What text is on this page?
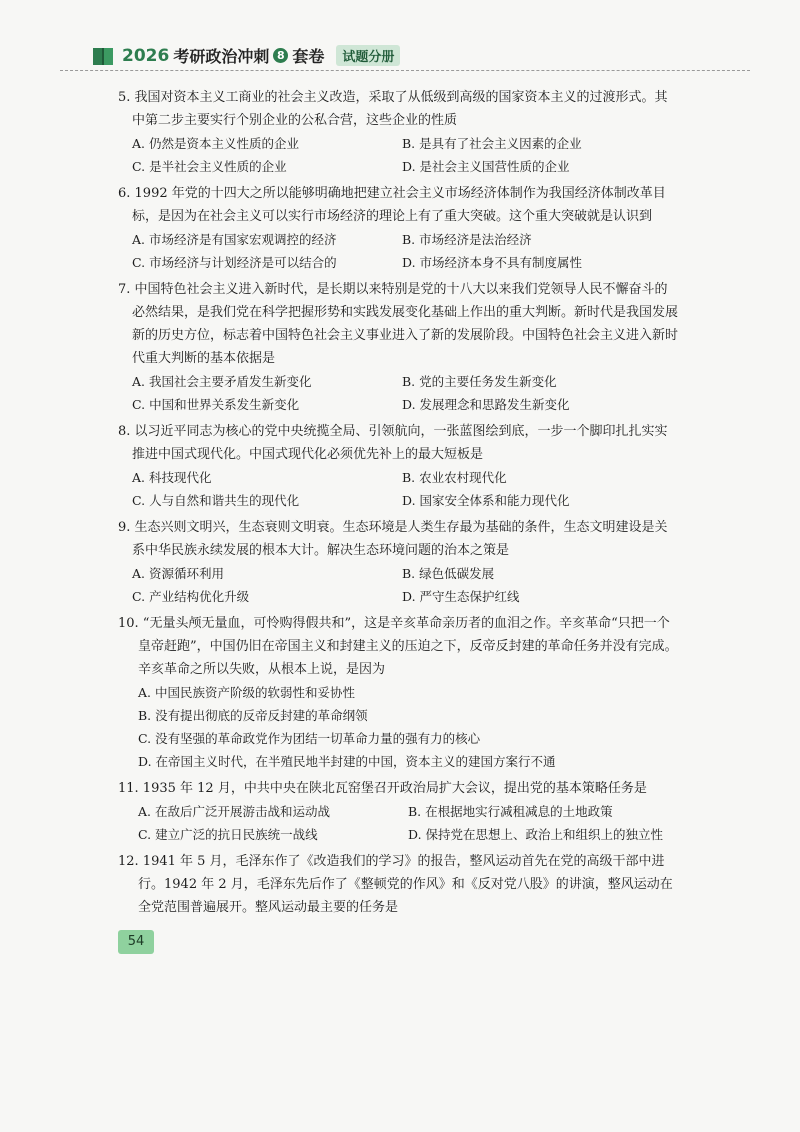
2026 考研政治冲刺 8 套卷	试题分册

5. 我国对资本主义工商业的社会主义改造，采取了从低级到高级的国家资本主义的过渡形式。其中第二步主要实行个别企业的公私合营，这些企业的性质

A. 仍然是资本主义性质的企业	B. 是具有了社会主义因素的企业
C. 是半社会主义性质的企业	D. 是社会主义国营性质的企业

6. 1992 年党的十四大之所以能够明确地把建立社会主义市场经济体制作为我国经济体制改革目标，是因为在社会主义可以实行市场经济的理论上有了重大突破。这个重大突破就是认识到

A. 市场经济是有国家宏观调控的经济	B. 市场经济是法治经济
C. 市场经济与计划经济是可以结合的	D. 市场经济本身不具有制度属性

7. 中国特色社会主义进入新时代，是长期以来特别是党的十八大以来我们党领导人民不懈奋斗的必然结果，是我们党在科学把握形势和实践发展变化基础上作出的重大判断。新时代是我国发展新的历史方位，标志着中国特色社会主义事业进入了新的发展阶段。中国特色社会主义进入新时代重大判断的基本依据是

A. 我国社会主要矛盾发生新变化	B. 党的主要任务发生新变化
C. 中国和世界关系发生新变化	D. 发展理念和思路发生新变化

8. 以习近平同志为核心的党中央统揽全局、引领航向，一张蓝图绘到底，一步一个脚印扎扎实实推进中国式现代化。中国式现代化必须优先补上的最大短板是

A. 科技现代化	B. 农业农村现代化
C. 人与自然和谐共生的现代化	D. 国家安全体系和能力现代化

9. 生态兴则文明兴，生态衰则文明衰。生态环境是人类生存最为基础的条件，生态文明建设是关系中华民族永续发展的根本大计。解决生态环境问题的治本之策是

A. 资源循环利用	B. 绿色低碳发展
C. 产业结构优化升级	D. 严守生态保护红线

10. “无量头颅无量血，可怜购得假共和”，这是辛亥革命亲历者的血泪之作。辛亥革命“只把一个皇帝赶跑”，中国仍旧在帝国主义和封建主义的压迫之下，反帝反封建的革命任务并没有完成。辛亥革命之所以失败，从根本上说，是因为

A. 中国民族资产阶级的软弱性和妥协性
B. 没有提出彻底的反帝反封建的革命纲领
C. 没有坚强的革命政党作为团结一切革命力量的强有力的核心
D. 在帝国主义时代，在半殖民地半封建的中国，资本主义的建国方案行不通

11. 1935 年 12 月，中共中央在陕北瓦窑堡召开政治局扩大会议，提出党的基本策略任务是

A. 在敌后广泛开展游击战和运动战	B. 在根据地实行减租减息的土地政策
C. 建立广泛的抗日民族统一战线	D. 保持党在思想上、政治上和组织上的独立性

12. 1941 年 5 月，毛泽东作了《改造我们的学习》的报告，整风运动首先在党的高级干部中进行。1942 年 2 月，毛泽东先后作了《整顿党的作风》和《反对党八股》的讲演，整风运动在全党范围普遍展开。整风运动最主要的任务是

54
